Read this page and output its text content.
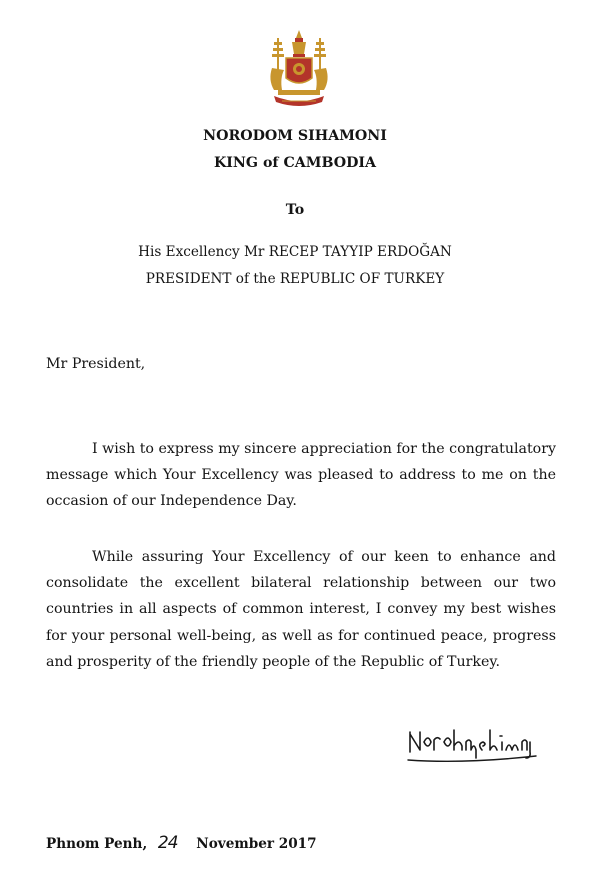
NORODOM SIHAMONI
KING of CAMBODIA
To
His Excellency Mr RECEP TAYYIP ERDOĞAN
PRESIDENT of the REPUBLIC OF TURKEY
Mr President,

I wish to express my sincere appreciation for the congratulatory message which Your Excellency was pleased to address to me on the occasion of our Independence Day.

While assuring Your Excellency of our keen to enhance and consolidate the excellent bilateral relationship between our two countries in all aspects of common interest, I convey my best wishes for your personal well-being, as well as for continued peace, progress and prosperity of the friendly people of the Republic of Turkey.

Phnom Penh, 24 November 2017
